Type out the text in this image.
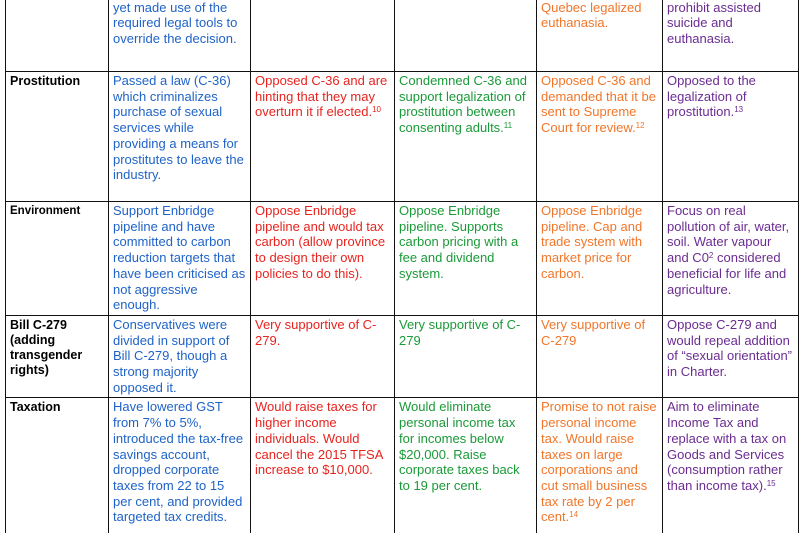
	yet made use of the required legal tools to override the decision.			Quebec legalized euthanasia.	prohibit assisted suicide and euthanasia.
Prostitution	Passed a law (C-36) which criminalizes purchase of sexual services while providing a means for prostitutes to leave the industry.	Opposed C-36 and are hinting that they may overturn it if elected.$^{10}$	Condemned C-36 and support legalization of prostitution between consenting adults.$^{11}$	Opposed C-36 and demanded that it be sent to Supreme Court for review.$^{12}$	Opposed to the legalization of prostitution.$^{13}$
Environment	Support Enbridge pipeline and have committed to carbon reduction targets that have been criticised as not aggressive enough.	Oppose Enbridge pipeline and would tax carbon (allow province to design their own policies to do this).	Oppose Enbridge pipeline. Supports carbon pricing with a fee and dividend system.	Oppose Enbridge pipeline. Cap and trade system with market price for carbon.	Focus on real pollution of air, water, soil. Water vapour and $C0^2$ considered beneficial for life and agriculture.
Bill C-279 (adding transgender rights)	Conservatives were divided in support of Bill C-279, though a strong majority opposed it.	Very supportive of C-279.	Very supportive of C-279	Very supportive of C-279	Oppose C-279 and would repeal addition of “sexual orientation” in Charter.
Taxation	Have lowered GST from 7% to 5%, introduced the tax-free savings account, dropped corporate taxes from 22 to 15 per cent, and provided targeted tax credits.	Would raise taxes for higher income individuals. Would cancel the 2015 TFSA increase to $10,000.	Would eliminate personal income tax for incomes below $20,000. Raise corporate taxes back to 19 per cent.	Promise to not raise personal income tax. Would raise taxes on large corporations and cut small business tax rate by 2 per cent.$^{14}$	Aim to eliminate Income Tax and replace with a tax on Goods and Services (consumption rather than income tax).$^{15}$
